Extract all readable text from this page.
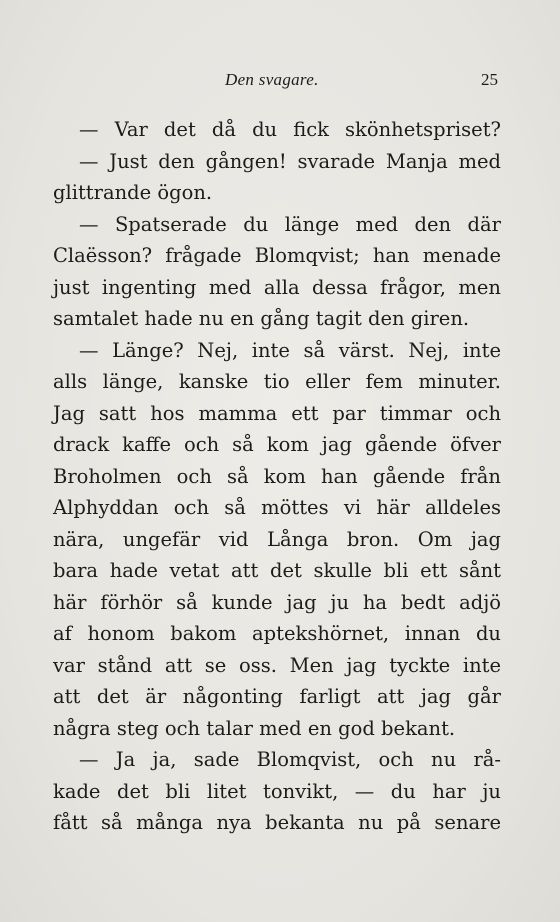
Den svagare.	25
— Var det då du fick skönhetspriset?
— Just den gången! svarade Manja med
glittrande ögon.
— Spatserade du länge med den där
Claësson? frågade Blomqvist; han menade
just ingenting med alla dessa frågor, men
samtalet hade nu en gång tagit den giren.
— Länge? Nej, inte så värst. Nej, inte
alls länge, kanske tio eller fem minuter.
Jag satt hos mamma ett par timmar och
drack kaffe och så kom jag gående öfver
Broholmen och så kom han gående från
Alphyddan och så möttes vi här alldeles
nära, ungefär vid Långa bron. Om jag
bara hade vetat att det skulle bli ett sånt
här förhör så kunde jag ju ha bedt adjö
af honom bakom aptekshörnet, innan du
var stånd att se oss. Men jag tyckte inte
att det är någonting farligt att jag går
några steg och talar med en god bekant.
— Ja ja, sade Blomqvist, och nu rå-
kade det bli litet tonvikt, — du har ju
fått så många nya bekanta nu på senare
